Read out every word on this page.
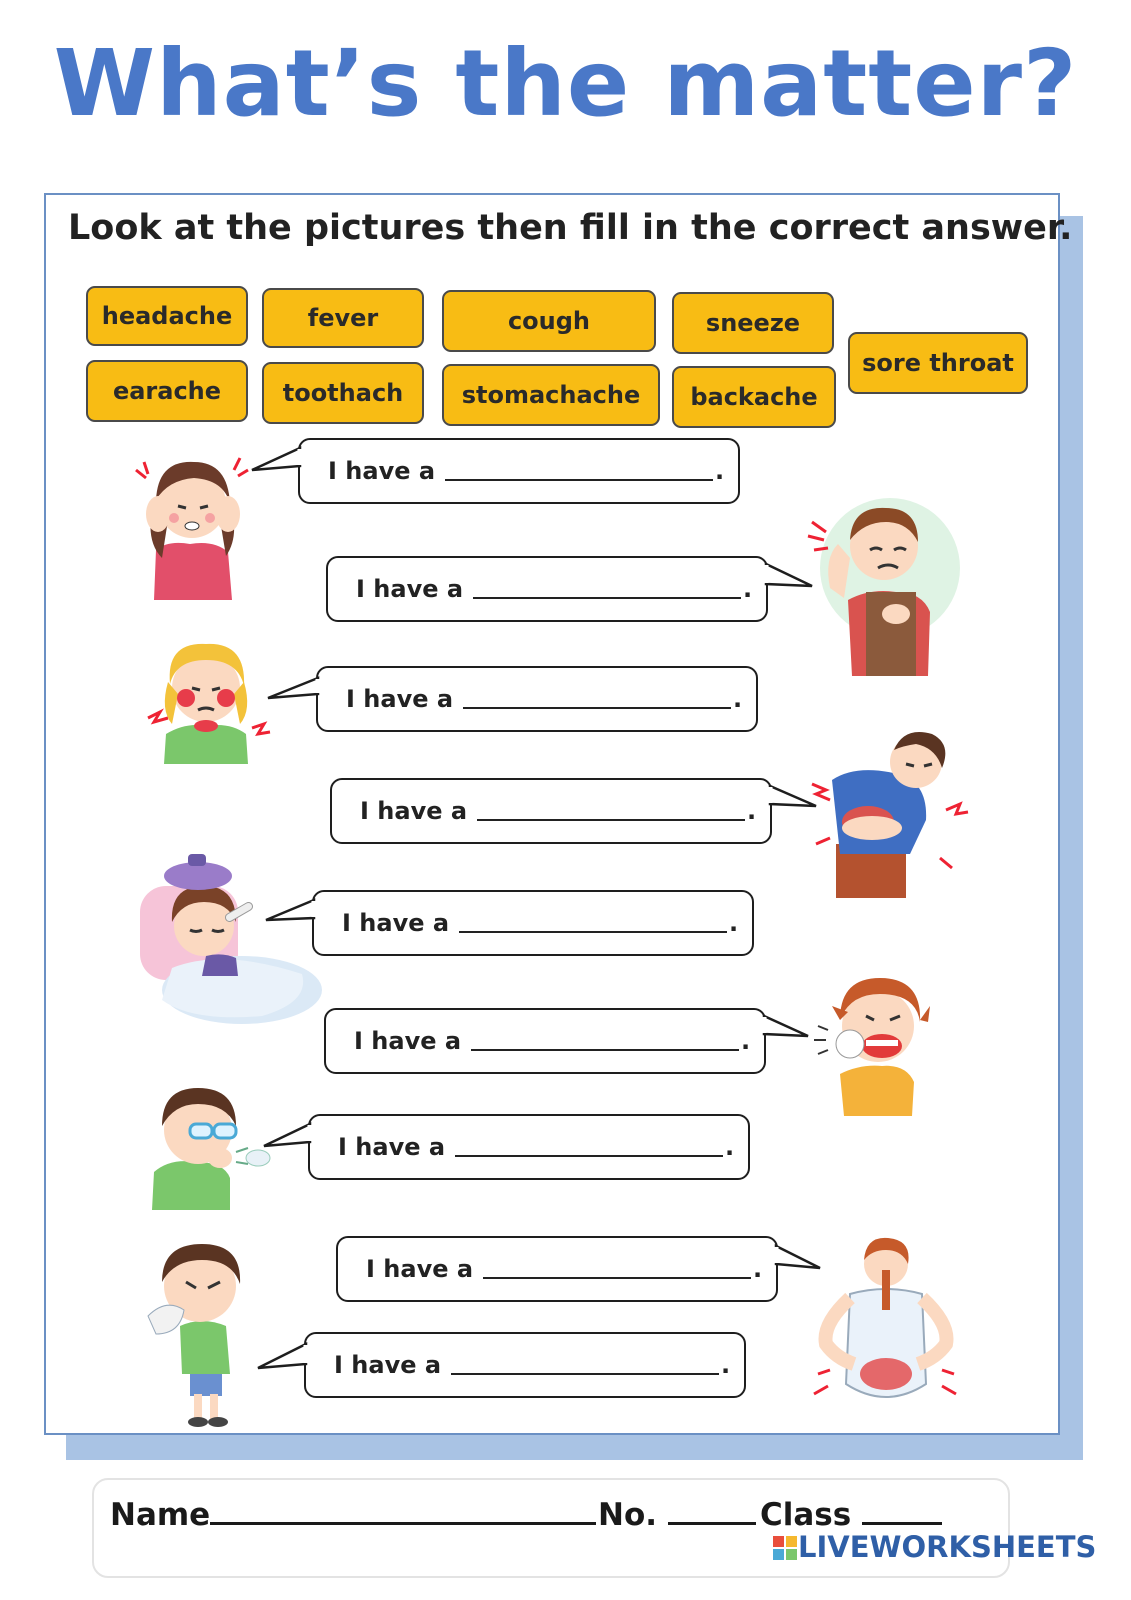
What’s the matter?
Look at the pictures then fill in the correct answer.
headache	fever	cough	sneeze
sore throat
earache	toothach	stomachache	backache
I have a	.
I have a	.
I have a	.
I have a	.
I have a	.
I have a	.
I have a	.
I have a	.
I have a	.
Name	No.	Class
LIVEWORKSHEETS
